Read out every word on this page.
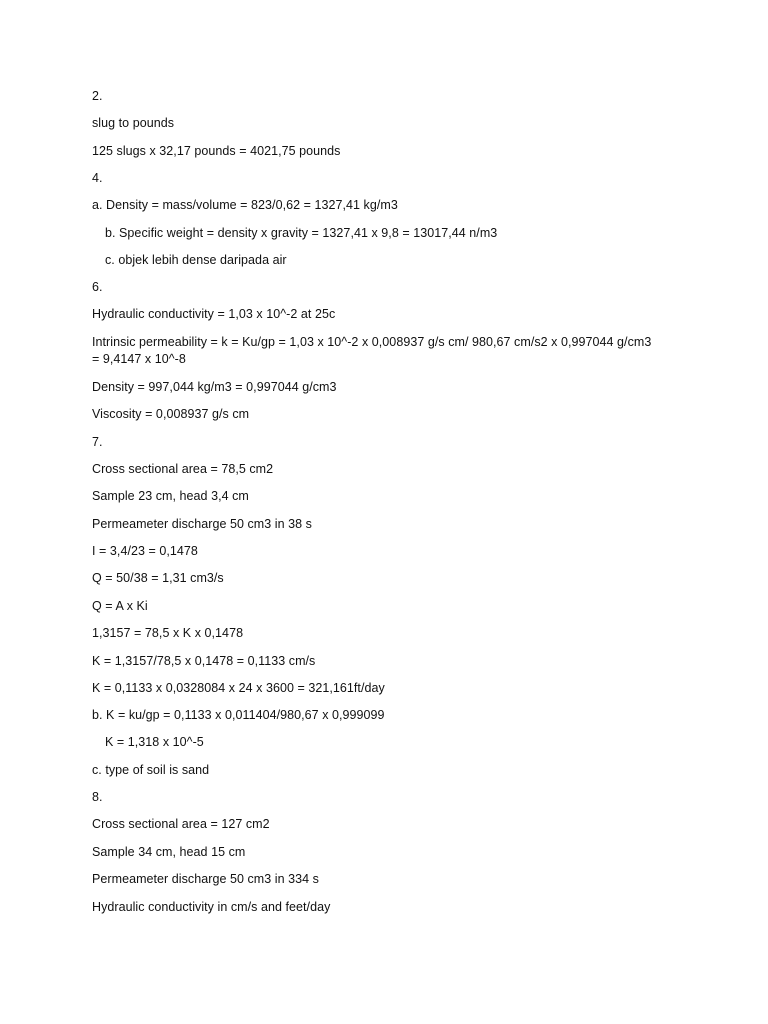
2.
slug to pounds
125 slugs x 32,17 pounds = 4021,75 pounds
4.
a. Density = mass/volume = 823/0,62 = 1327,41 kg/m3
b. Specific weight = density x gravity = 1327,41 x 9,8 = 13017,44 n/m3
c. objek lebih dense daripada air
6.
Hydraulic conductivity = 1,03 x 10^-2 at 25c
Intrinsic permeability = k = Ku/gp = 1,03 x 10^-2 x 0,008937 g/s cm/ 980,67 cm/s2 x 0,997044 g/cm3
= 9,4147 x 10^-8
Density = 997,044 kg/m3 = 0,997044 g/cm3
Viscosity = 0,008937 g/s cm
7.
Cross sectional area = 78,5 cm2
Sample 23 cm, head 3,4 cm
Permeameter discharge 50 cm3 in 38 s
I = 3,4/23 = 0,1478
Q = 50/38 = 1,31 cm3/s
Q = A x Ki
1,3157 = 78,5 x K x 0,1478
K = 1,3157/78,5 x 0,1478 = 0,1133 cm/s
K = 0,1133 x 0,0328084 x 24 x 3600 = 321,161ft/day
b. K = ku/gp = 0,1133 x 0,011404/980,67 x 0,999099
K = 1,318 x 10^-5
c. type of soil is sand
8.
Cross sectional area = 127 cm2
Sample 34 cm, head 15 cm
Permeameter discharge 50 cm3 in 334 s
Hydraulic conductivity in cm/s and feet/day
